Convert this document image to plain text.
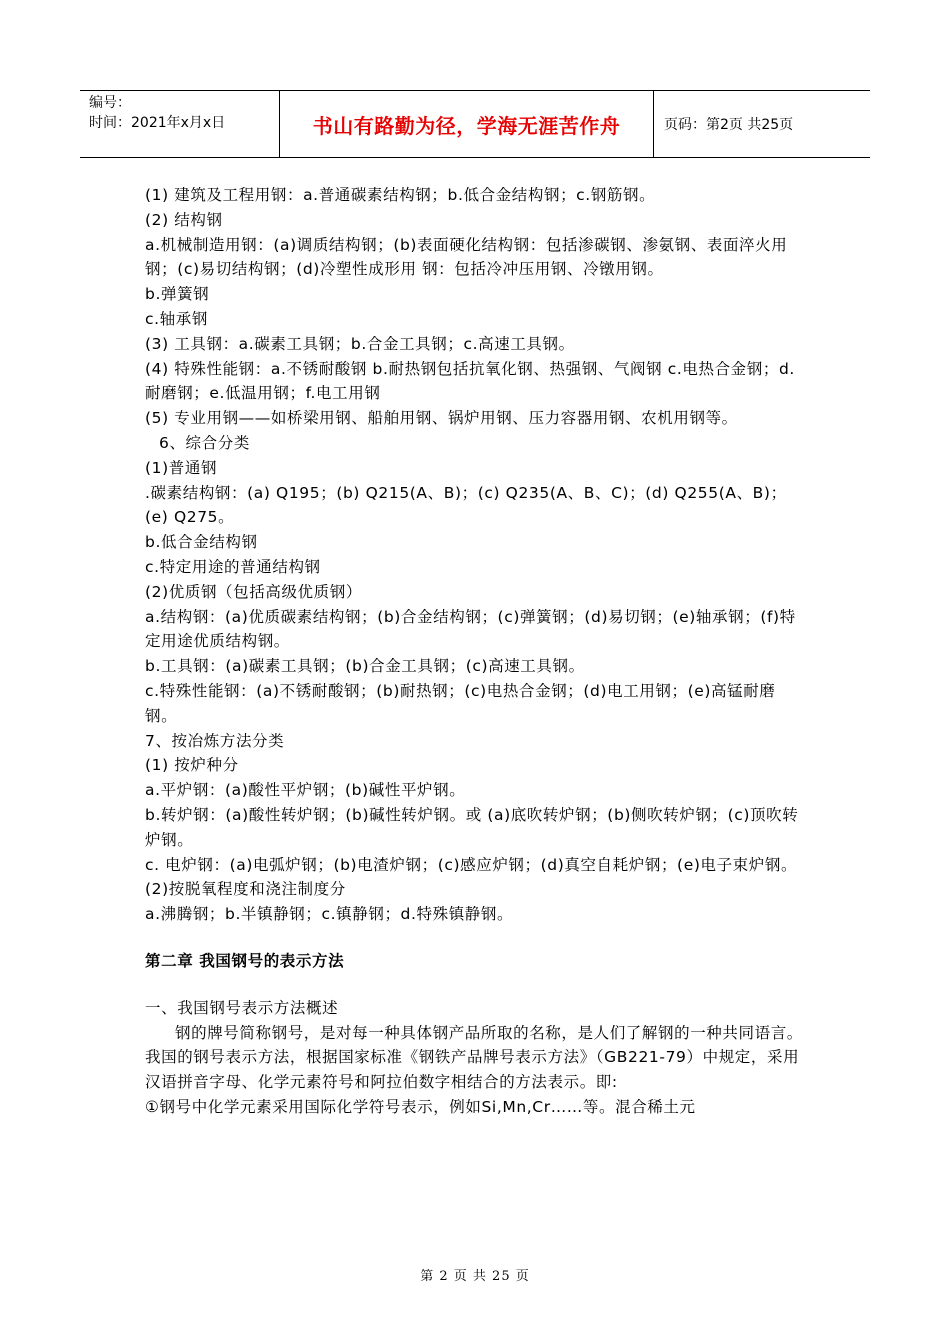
编号：
时间：2021年x月x日	书山有路勤为径，学海无涯苦作舟	页码：第2页 共25页

(1) 建筑及工程用钢：a.普通碳素结构钢；b.低合金结构钢；c.钢筋钢。

(2) 结构钢

a.机械制造用钢：(a)调质结构钢；(b)表面硬化结构钢：包括渗碳钢、渗氨钢、表面淬火用钢；(c)易切结构钢；(d)冷塑性成形用 钢：包括冷冲压用钢、冷镦用钢。

b.弹簧钢

c.轴承钢

(3) 工具钢：a.碳素工具钢；b.合金工具钢；c.高速工具钢。

(4) 特殊性能钢：a.不锈耐酸钢 b.耐热钢包括抗氧化钢、热强钢、气阀钢 c.电热合金钢；d.耐磨钢；e.低温用钢；f.电工用钢

(5) 专业用钢——如桥梁用钢、船舶用钢、锅炉用钢、压力容器用钢、农机用钢等。

6、综合分类

(1)普通钢

.碳素结构钢：(a) Q195；(b) Q215(A、B)；(c) Q235(A、B、C)；(d) Q255(A、B)；(e) Q275。

b.低合金结构钢

c.特定用途的普通结构钢

(2)优质钢（包括高级优质钢）

a.结构钢：(a)优质碳素结构钢；(b)合金结构钢；(c)弹簧钢；(d)易切钢；(e)轴承钢；(f)特定用途优质结构钢。

b.工具钢：(a)碳素工具钢；(b)合金工具钢；(c)高速工具钢。

c.特殊性能钢：(a)不锈耐酸钢；(b)耐热钢；(c)电热合金钢；(d)电工用钢；(e)高锰耐磨钢。

7、按冶炼方法分类

(1) 按炉种分

a.平炉钢：(a)酸性平炉钢；(b)碱性平炉钢。

b.转炉钢：(a)酸性转炉钢；(b)碱性转炉钢。或 (a)底吹转炉钢；(b)侧吹转炉钢；(c)顶吹转炉钢。

c. 电炉钢：(a)电弧炉钢；(b)电渣炉钢；(c)感应炉钢；(d)真空自耗炉钢；(e)电子束炉钢。

(2)按脱氧程度和浇注制度分

a.沸腾钢；b.半镇静钢；c.镇静钢；d.特殊镇静钢。

第二章 我国钢号的表示方法

一、我国钢号表示方法概述

钢的牌号简称钢号，是对每一种具体钢产品所取的名称，是人们了解钢的一种共同语言。我国的钢号表示方法，根据国家标准《钢铁产品牌号表示方法》（GB221-79）中规定，采用汉语拼音字母、化学元素符号和阿拉伯数字相结合的方法表示。即:

①钢号中化学元素采用国际化学符号表示，例如Si,Mn,Cr……等。混合稀土元

第 2 页 共 25 页
